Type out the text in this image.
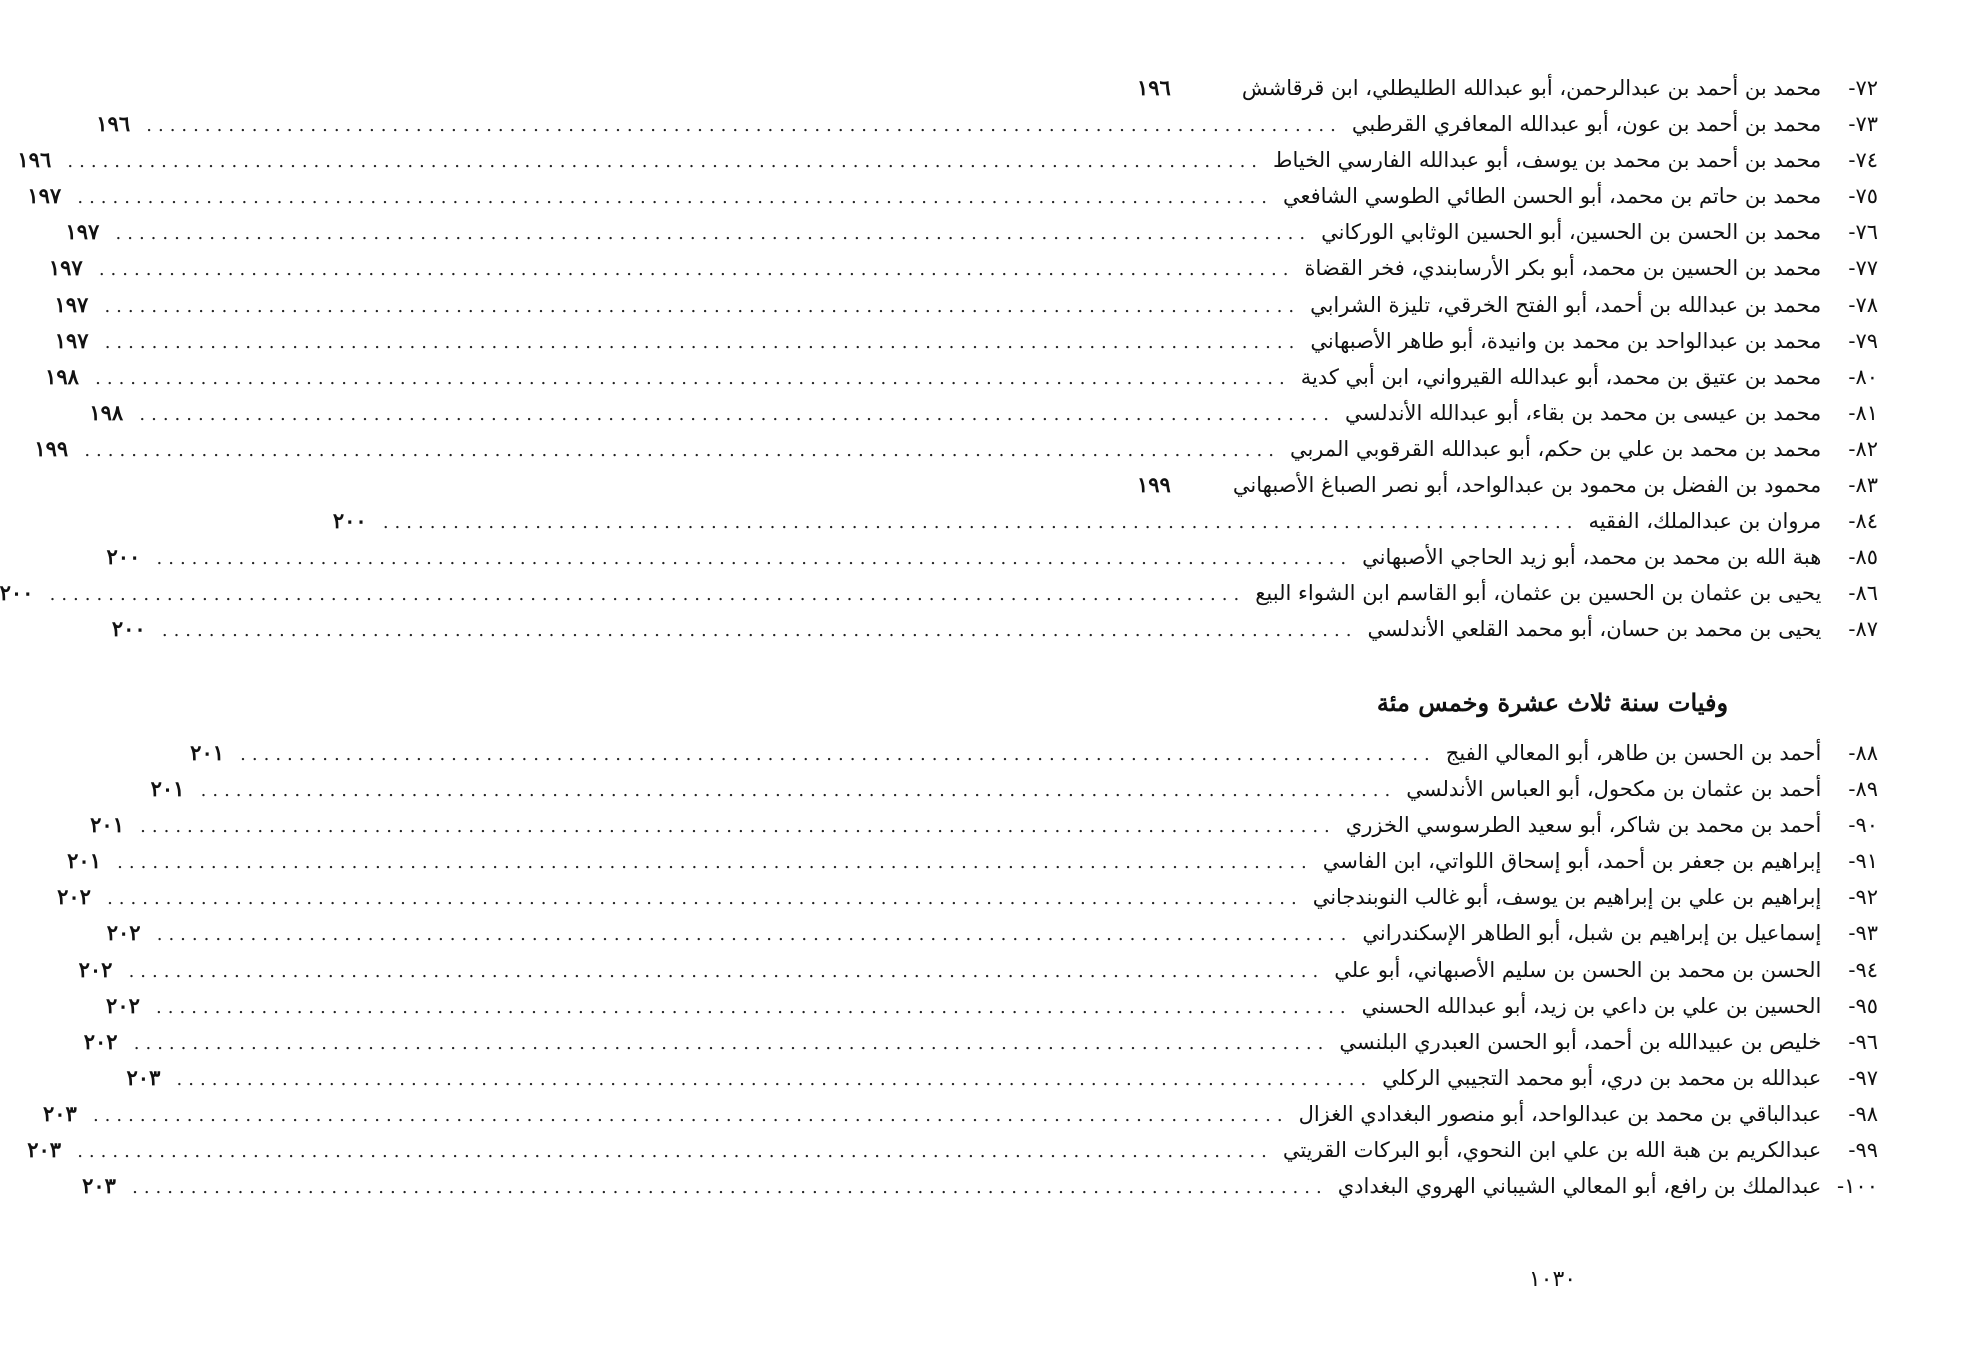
٧٢- محمد بن أحمد بن عبدالرحمن، أبو عبدالله الطليطلي، ابن قرقاشش
١٩٦
٧٣- محمد بن أحمد بن عون، أبو عبدالله المعافري القرطبي
.....
١٩٦
٧٤- محمد بن أحمد بن محمد بن يوسف، أبو عبدالله الفارسي الخياط
.....
١٩٦
٧٥- محمد بن حاتم بن محمد، أبو الحسن الطائي الطوسي الشافعي
.....
١٩٧
٧٦- محمد بن الحسن بن الحسين، أبو الحسين الوثابي الوركاني
.....
١٩٧
٧٧- محمد بن الحسين بن محمد، أبو بكر الأرسابندي، فخر القضاة
.....
١٩٧
٧٨- محمد بن عبدالله بن أحمد، أبو الفتح الخرقي، تليزة الشرابي
.....
١٩٧
٧٩- محمد بن عبدالواحد بن محمد بن وانيدة، أبو طاهر الأصبهاني
.....
١٩٧
٨٠- محمد بن عتيق بن محمد، أبو عبدالله القيرواني، ابن أبي كدية
.....
١٩٨
٨١- محمد بن عيسى بن محمد بن بقاء، أبو عبدالله الأندلسي
.....
١٩٨
٨٢- محمد بن محمد بن علي بن حكم، أبو عبدالله القرقوبي المربي
.....
١٩٩
٨٣- محمود بن الفضل بن محمود بن عبدالواحد، أبو نصر الصباغ الأصبهاني
١٩٩
٨٤- مروان بن عبدالملك، الفقيه
.....
٢٠٠
٨٥- هبة الله بن محمد بن محمد، أبو زيد الحاجي الأصبهاني
.....
٢٠٠
٨٦- يحيى بن عثمان بن الحسين بن عثمان، أبو القاسم ابن الشواء البيع
.....
٢٠٠
٨٧- يحيى بن محمد بن حسان، أبو محمد القلعي الأندلسي
.....
٢٠٠
وفيات سنة ثلاث عشرة وخمس مئة
٨٨- أحمد بن الحسن بن طاهر، أبو المعالي الفيج
.....
٢٠١
٨٩- أحمد بن عثمان بن مكحول، أبو العباس الأندلسي
.....
٢٠١
٩٠- أحمد بن محمد بن شاكر، أبو سعيد الطرسوسي الخزري
.....
٢٠١
٩١- إبراهيم بن جعفر بن أحمد، أبو إسحاق اللواتي، ابن الفاسي
.....
٢٠١
٩٢- إبراهيم بن علي بن إبراهيم بن يوسف، أبو غالب النوبندجاني
.....
٢٠٢
٩٣- إسماعيل بن إبراهيم بن شبل، أبو الطاهر الإسكندراني
.....
٢٠٢
٩٤- الحسن بن محمد بن الحسن بن سليم الأصبهاني، أبو علي
.....
٢٠٢
٩٥- الحسين بن علي بن داعي بن زيد، أبو عبدالله الحسني
.....
٢٠٢
٩٦- خليص بن عبيدالله بن أحمد، أبو الحسن العبدري البلنسي
.....
٢٠٢
٩٧- عبدالله بن محمد بن دري، أبو محمد التجيبي الركلي
.....
٢٠٣
٩٨- عبدالباقي بن محمد بن عبدالواحد، أبو منصور البغدادي الغزال
.....
٢٠٣
٩٩- عبدالكريم بن هبة الله بن علي ابن النحوي، أبو البركات القريتي
.....
٢٠٣
١٠٠- عبدالملك بن رافع، أبو المعالي الشيباني الهروي البغدادي
.....
٢٠٣
١٠٣٠
